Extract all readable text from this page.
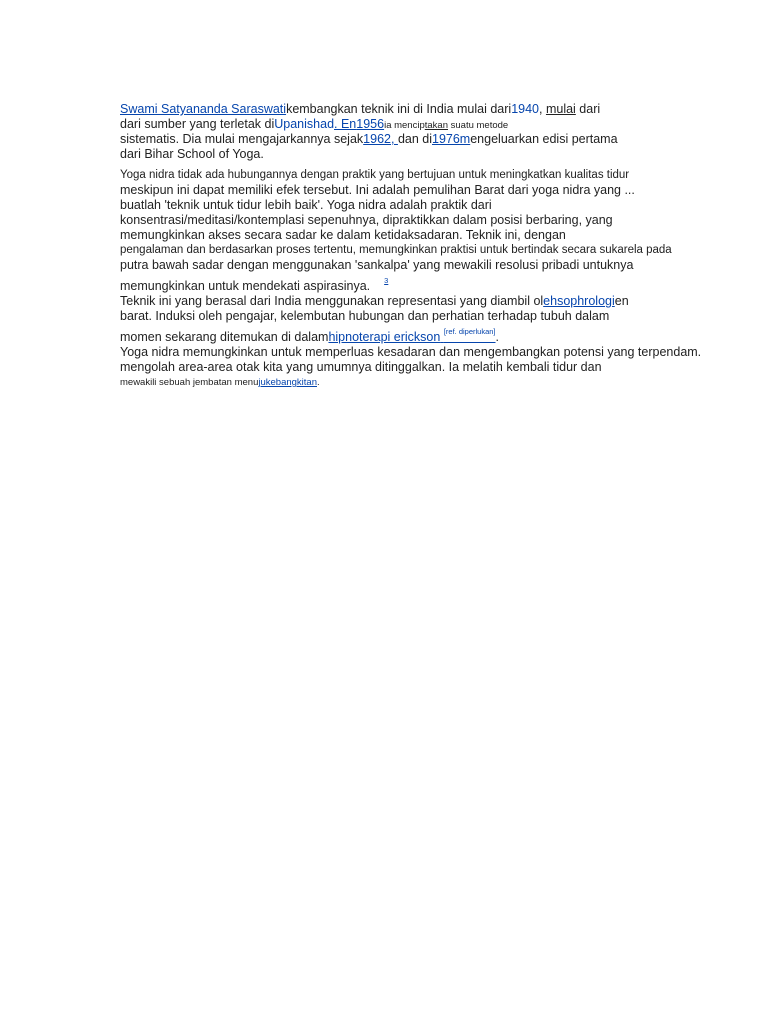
Swami Satyananda Saraswatikembangkan teknik ini di India mulai dari1940, mulai dari
dari sumber yang terletak diUpanishad. En1956ia menciptakan suatu metode
sistematis. Dia mulai mengajarkannya sejak1962, dan di1976mengeluarkan edisi pertama
dari Bihar School of Yoga.
Yoga nidra tidak ada hubungannya dengan praktik yang bertujuan untuk meningkatkan kualitas tidur
meskipun ini dapat memiliki efek tersebut. Ini adalah pemulihan Barat dari yoga nidra yang ...
buatlah 'teknik untuk tidur lebih baik'. Yoga nidra adalah praktik dari
konsentrasi/meditasi/kontemplasi sepenuhnya, dipraktikkan dalam posisi berbaring, yang
memungkinkan akses secara sadar ke dalam ketidaksadaran. Teknik ini, dengan
pengalaman dan berdasarkan proses tertentu, memungkinkan praktisi untuk bertindak secara sukarela pada
putra bawah sadar dengan menggunakan 'sankalpa' yang mewakili resolusi pribadi untuknya
memungkinkan untuk mendekati aspirasinya. $^3$
Teknik ini yang berasal dari India menggunakan representasi yang diambil olehsophrologien
barat. Induksi oleh pengajar, kelembutan hubungan dan perhatian terhadap tubuh dalam
momen sekarang ditemukan di dalamhipnoterapi erickson [ref. diperlukan].
Yoga nidra memungkinkan untuk memperluas kesadaran dan mengembangkan potensi yang terpendam.
mengolah area-area otak kita yang umumnya ditinggalkan. Ia melatih kembali tidur dan
mewakili sebuah jembatan menujukebangkitan.
